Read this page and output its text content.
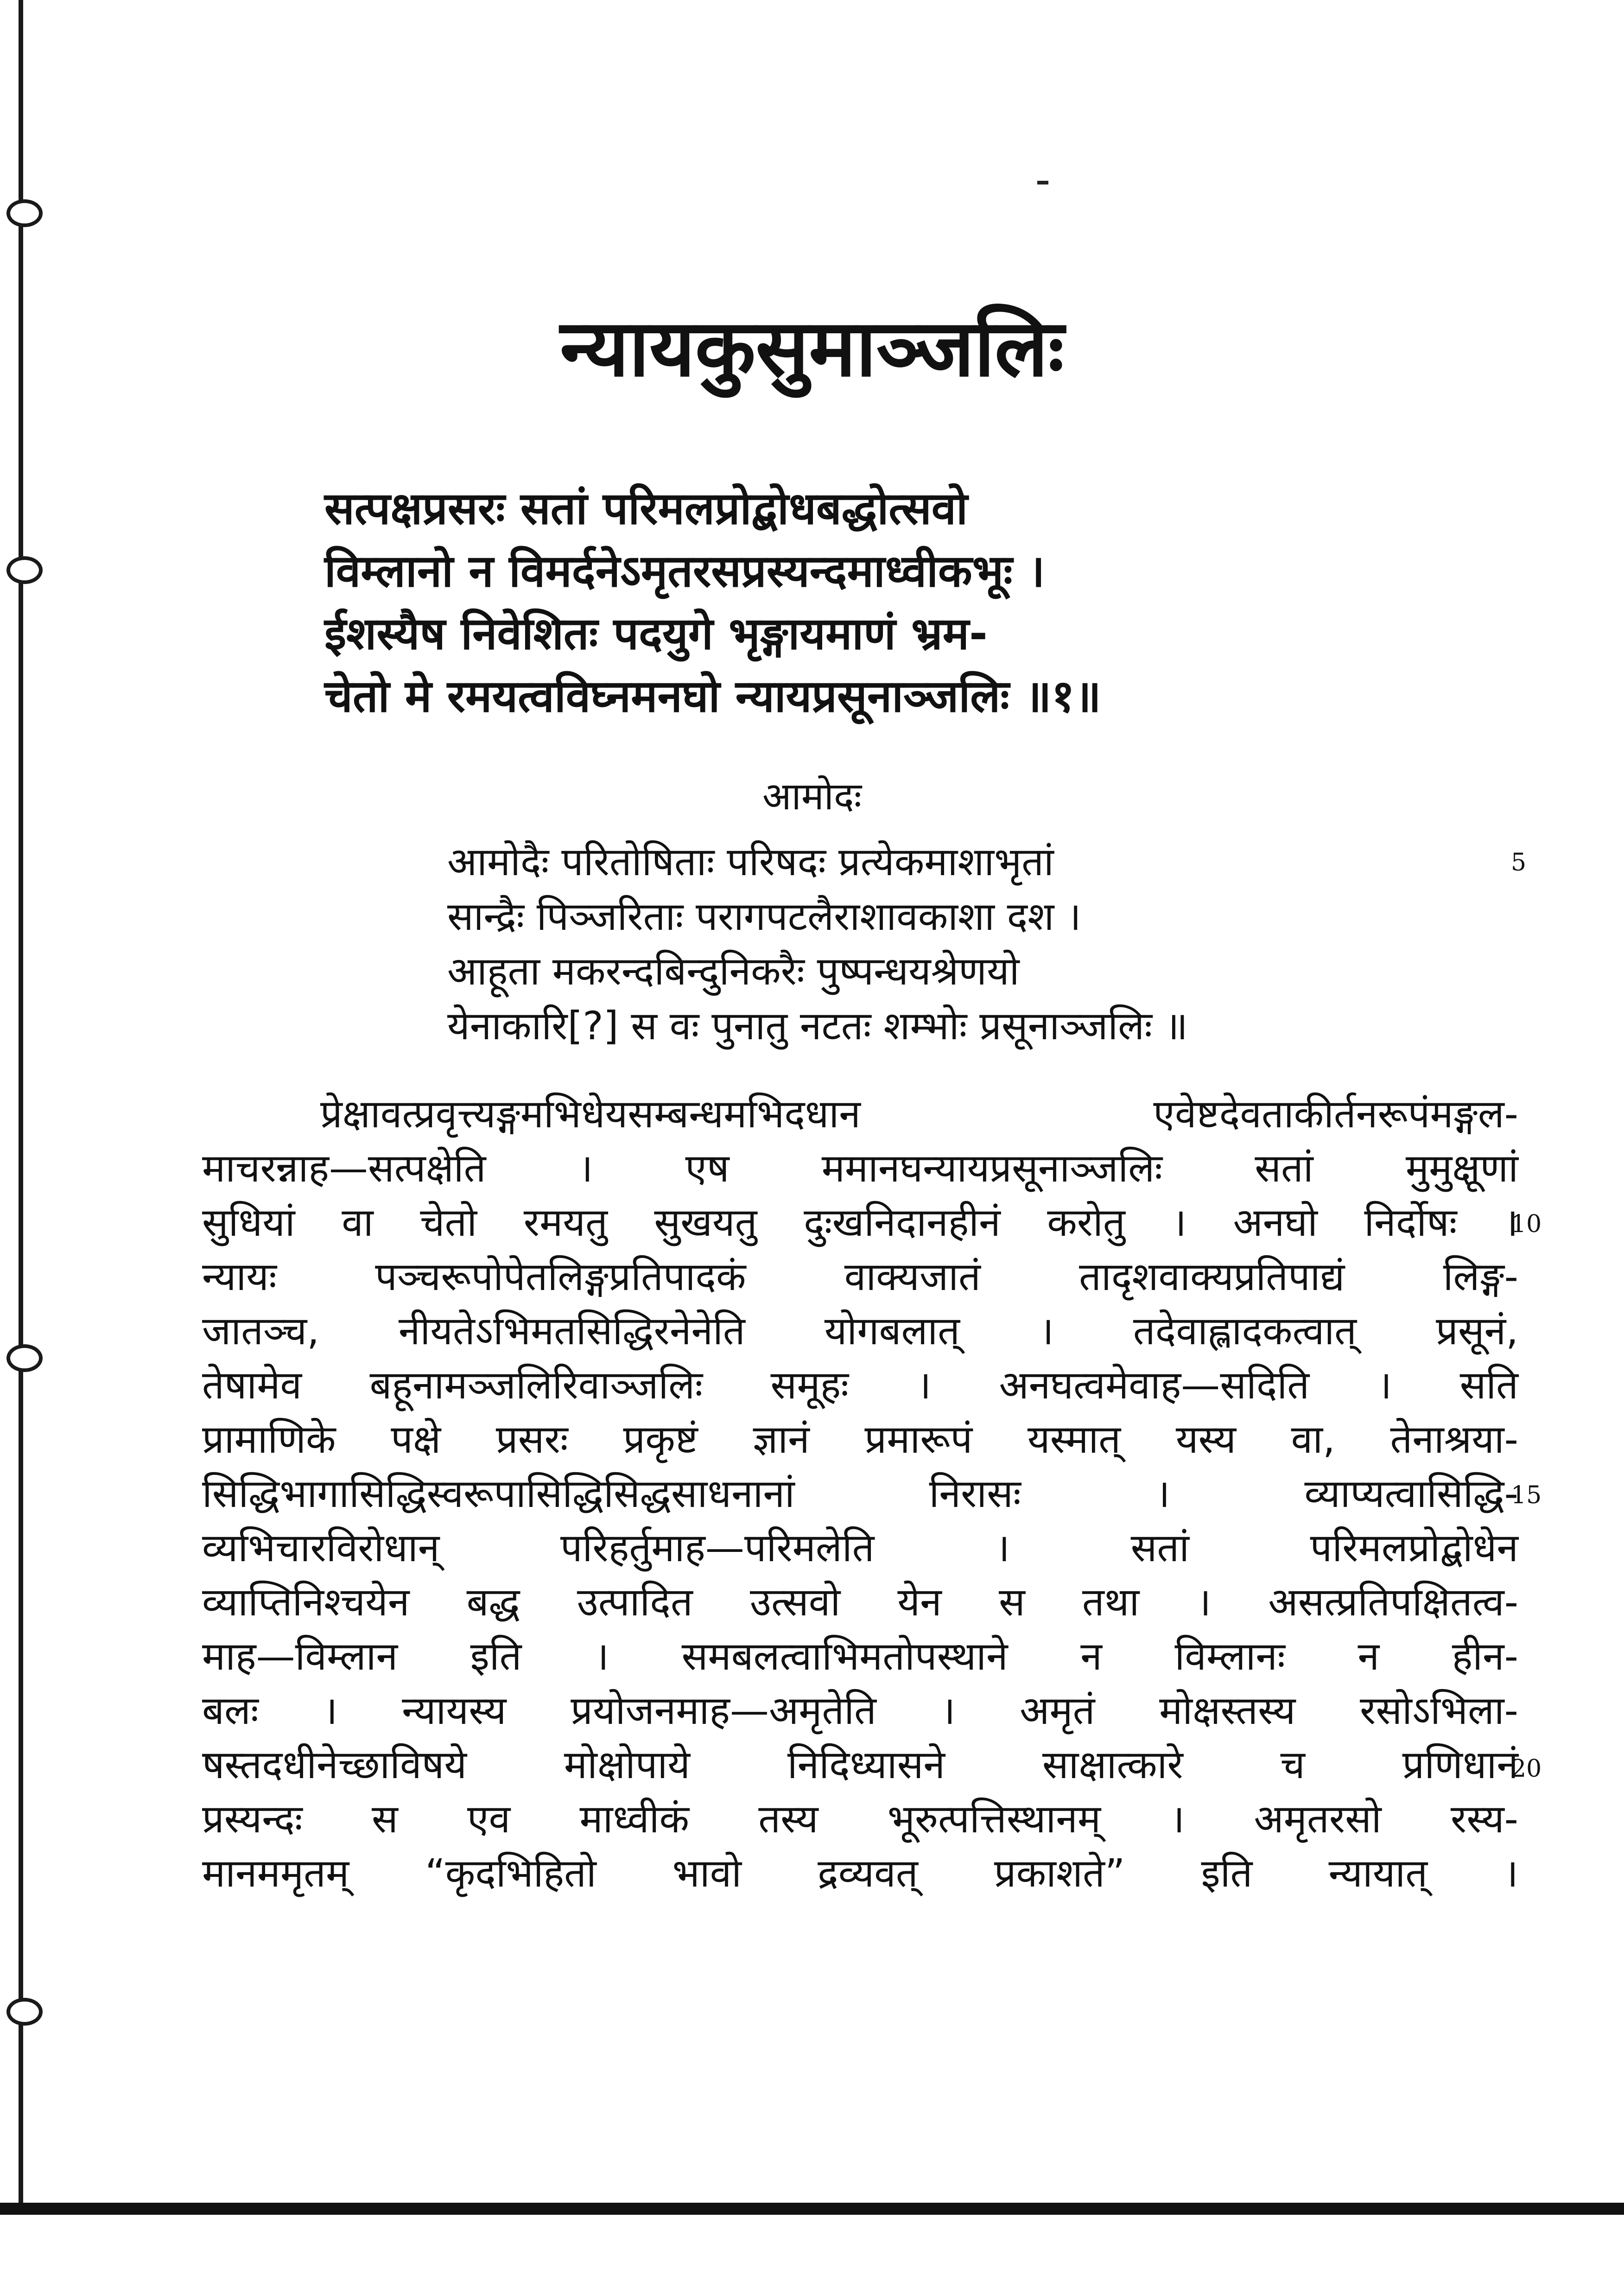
न्यायकुसुमाञ्जलिः
सत्पक्षप्रसरः सतां परिमलप्रोद्बोधबद्धोत्सवो
विम्लानो न विमर्दनेऽमृतरसप्रस्यन्दमाध्वीकभूः ।
ईशस्यैष निवेशितः पदयुगे भृङ्गायमाणं भ्रम-
चेतो मे रमयत्वविघ्नमनघो न्यायप्रसूनाञ्जलिः ॥१॥
आमोदः
आमोदैः परितोषिताः परिषदः प्रत्येकमाशाभृतां
सान्द्रैः पिञ्जरिताः परागपटलैराशावकाशा दश ।
आहूता मकरन्दबिन्दुनिकरैः पुष्पन्धयश्रेणयो
येनाकारि[?] स वः पुनातु नटतः शम्भोः प्रसूनाञ्जलिः ॥
5
10
15
20
प्रेक्षावत्प्रवृत्त्यङ्गमभिधेयसम्बन्धमभिदधान एवेष्टदेवताकीर्तनरूपंमङ्गल-
माचरन्नाह—सत्पक्षेति । एष ममानघन्यायप्रसूनाञ्जलिः सतां मुमुक्षूणां
सुधियां वा चेतो रमयतु सुखयतु दुःखनिदानहीनं करोतु । अनघो निर्दोषः ।
न्यायः पञ्चरूपोपेतलिङ्गप्रतिपादकं वाक्यजातं तादृशवाक्यप्रतिपाद्यं लिङ्ग-
जातञ्च, नीयतेऽभिमतसिद्धिरनेनेति योगबलात् । तदेवाह्लादकत्वात् प्रसूनं,
तेषामेव बहूनामञ्जलिरिवाञ्जलिः समूहः । अनघत्वमेवाह—सदिति । सति
प्रामाणिके पक्षे प्रसरः प्रकृष्टं ज्ञानं प्रमारूपं यस्मात् यस्य वा, तेनाश्रया-
सिद्धिभागासिद्धिस्वरूपासिद्धिसिद्धसाधनानां निरासः । व्याप्यत्वासिद्धि-
व्यभिचारविरोधान् परिहर्तुमाह—परिमलेति । सतां परिमलप्रोद्बोधेन
व्याप्तिनिश्चयेन बद्ध उत्पादित उत्सवो येन स तथा । असत्प्रतिपक्षितत्व-
माह—विम्लान इति । समबलत्वाभिमतोपस्थाने न विम्लानः न हीन-
बलः । न्यायस्य प्रयोजनमाह—अमृतेति । अमृतं मोक्षस्तस्य रसोऽभिला-
षस्तदधीनेच्छाविषये मोक्षोपाये निदिध्यासने साक्षात्कारे च प्रणिधानं
प्रस्यन्दः स एव माध्वीकं तस्य भूरुत्पत्तिस्थानम् । अमृतरसो रस्य-
मानममृतम् “कृदभिहितो भावो द्रव्यवत् प्रकाशते” इति न्यायात् ।
